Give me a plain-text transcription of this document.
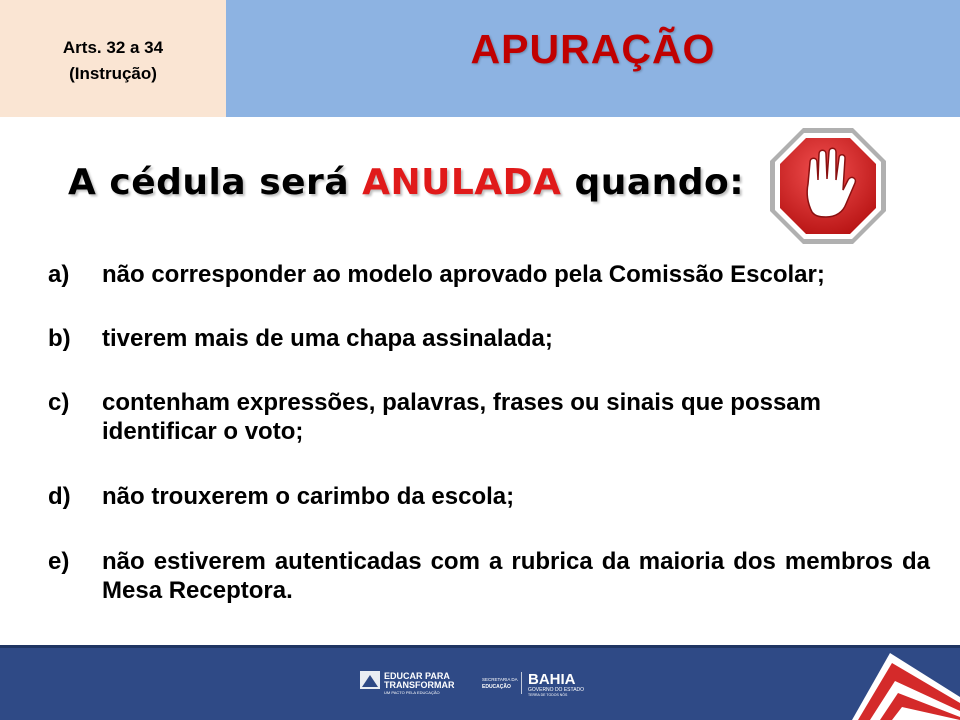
Arts. 32 a 34
(Instrução)
APURAÇÃO
A cédula será ANULADA quando:
a)	não corresponder ao modelo aprovado pela Comissão Escolar;
b)	tiverem mais de uma chapa assinalada;
c)	contenham expressões, palavras, frases ou sinais que possam identificar o voto;
d)	não trouxerem o carimbo da escola;
e)	não estiverem autenticadas com a rubrica da maioria dos membros da Mesa Receptora.
EDUCAR PARA
TRANSFORMAR
UM PACTO PELA EDUCAÇÃO
SECRETARIA DA
EDUCAÇÃO BAHIA
GOVERNO DO ESTADO
TERRA DE TODOS NÓS
